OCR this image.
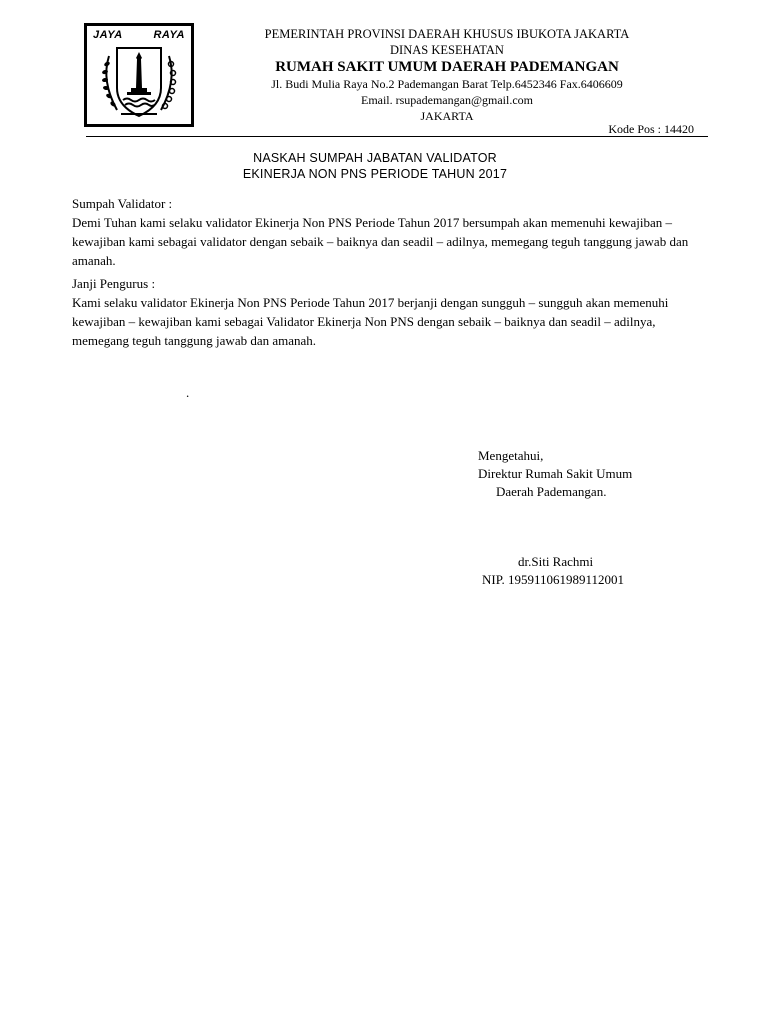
JAYA	RAYA	PEMERINTAH PROVINSI DAERAH KHUSUS IBUKOTA JAKARTA
DINAS KESEHATAN
RUMAH SAKIT UMUM DAERAH PADEMANGAN
Jl. Budi Mulia Raya No.2 Pademangan Barat Telp.6452346 Fax.6406609
Email. rsupademangan@gmail.com
JAKARTA
Kode Pos : 14420
NASKAH SUMPAH JABATAN VALIDATOR
EKINERJA NON PNS PERIODE TAHUN 2017
Sumpah Validator :
Demi Tuhan kami selaku validator Ekinerja Non PNS Periode Tahun 2017 bersumpah akan memenuhi kewajiban – kewajiban kami sebagai validator dengan sebaik – baiknya dan seadil – adilnya, memegang teguh tanggung jawab dan amanah.
Janji Pengurus :
Kami selaku validator Ekinerja Non PNS Periode Tahun 2017 berjanji dengan sungguh – sungguh akan memenuhi kewajiban – kewajiban kami sebagai Validator Ekinerja Non PNS dengan sebaik – baiknya dan seadil – adilnya, memegang teguh tanggung jawab dan amanah.
.
Mengetahui,
Direktur Rumah Sakit Umum
Daerah Pademangan.
dr.Siti Rachmi
NIP. 195911061989112001
